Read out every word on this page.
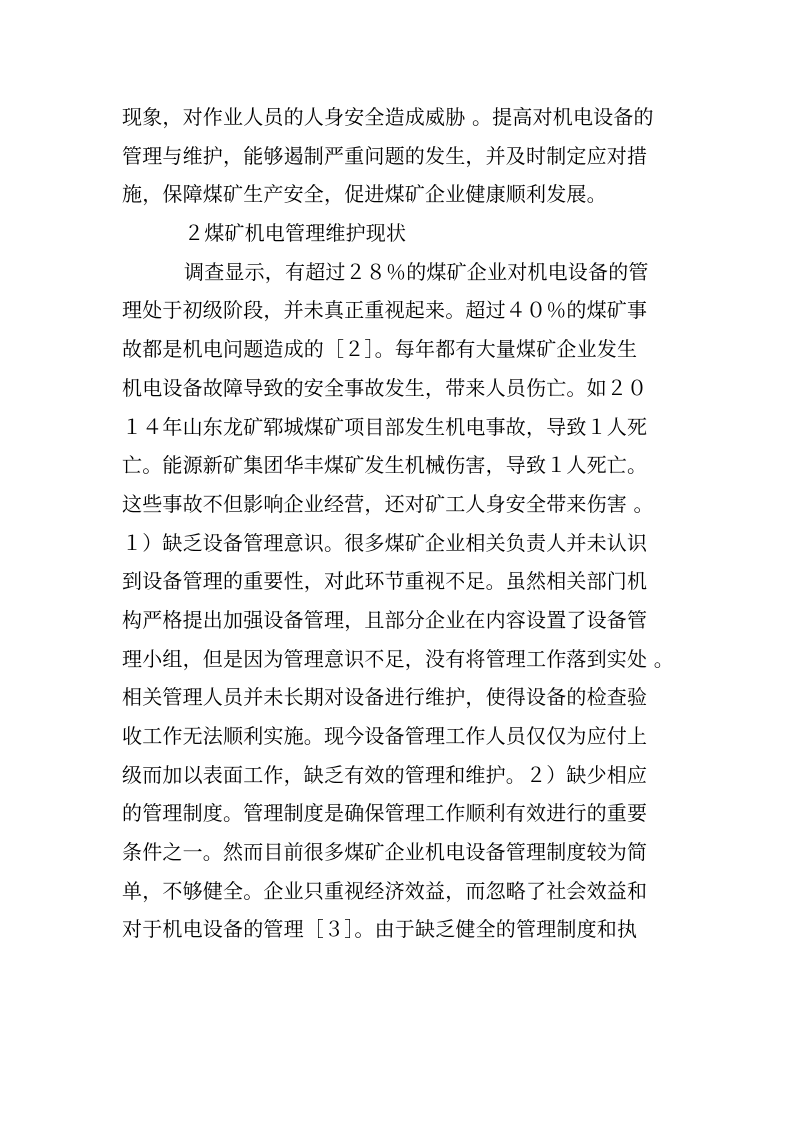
现象，对作业人员的人身安全造成威胁 。提高对机电设备的
管理与维护，能够遏制严重问题的发生，并及时制定应对措
施，保障煤矿生产安全，促进煤矿企业健康顺利发展。
２煤矿机电管理维护现状
调查显示，有超过２８％的煤矿企业对机电设备的管
理处于初级阶段，并未真正重视起来。超过４０％的煤矿事
故都是机电问题造成的［２］。每年都有大量煤矿企业发生
机电设备故障导致的安全事故发生，带来人员伤亡。如２０
１４年山东龙矿郓城煤矿项目部发生机电事故，导致１人死
亡。能源新矿集团华丰煤矿发生机械伤害，导致１人死亡。
这些事故不但影响企业经营，还对矿工人身安全带来伤害 。
１）缺乏设备管理意识。很多煤矿企业相关负责人并未认识
到设备管理的重要性，对此环节重视不足。虽然相关部门机
构严格提出加强设备管理，且部分企业在内容设置了设备管
理小组，但是因为管理意识不足，没有将管理工作落到实处 。
相关管理人员并未长期对设备进行维护，使得设备的检查验
收工作无法顺利实施。现今设备管理工作人员仅仅为应付上
级而加以表面工作，缺乏有效的管理和维护。２）缺少相应
的管理制度。管理制度是确保管理工作顺利有效进行的重要
条件之一。然而目前很多煤矿企业机电设备管理制度较为简
单，不够健全。企业只重视经济效益，而忽略了社会效益和
对于机电设备的管理［３］。由于缺乏健全的管理制度和执
